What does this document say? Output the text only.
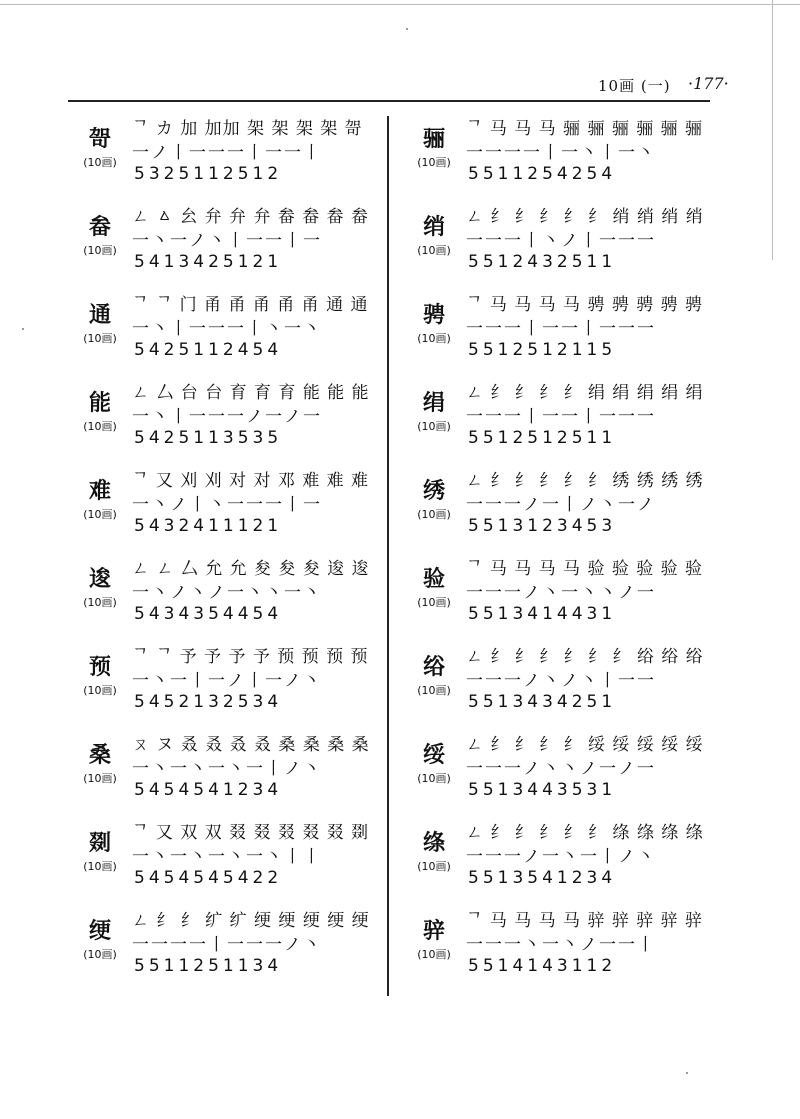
10画 (一) ·177·
哿
(10画)
ᄀ カ 加 加加 架 架 架 架 哿
一ノ丨一一一丨一一丨
5325112512
畚
(10画)
ㄥ ㅿ 㕕 弁 弁 弁 畚 畚 畚 畚
一丶一ノ丶丨一一丨一
5413425121
通
(10画)
ᄀ ᄀ 门 甬 甬 甬 甬 甬 通 通
一丶丨一一一丨丶一丶
5425112454
能
(10画)
ㄥ 厶 台 台 育 育 育 能 能 能
一丶丨一一一ノ一ノ一
5425113535
难
(10画)
ᄀ 又 刈 刈 对 对 邓 难 难 难
一丶ノ丨丶一一一丨一
5432411121
逡
(10画)
ㄥ ㄥ 厶 允 允 夋 夋 夋 逡 逡
一丶ノ丶ノ一丶丶一丶
5434354454
预
(10画)
ᄀ ᄀ 予 予 予 予 预 预 预 预
一丶一丨一ノ丨一ノ丶
5452132534
桑
(10画)
ㄡ ヌ 叒 叒 叒 叒 桑 桑 桑 桑
一丶一丶一丶一丨ノ丶
5454541234
剟
(10画)
ᄀ 又 双 双 叕 叕 叕 叕 叕 剟
一丶一丶一丶一丶丨丨
5454545422
绠
(10画)
ㄥ 纟 纟 纩 纩 绠 绠 绠 绠 绠
一一一一丨一一一ノ丶
5511251134
骊
(10画)
ᄀ 马 马 马 骊 骊 骊 骊 骊 骊
一一一一丨一丶丨一丶
5511254254
绡
(10画)
ㄥ 纟 纟 纟 纟 纟 绡 绡 绡 绡
一一一丨丶ノ丨一一一
5512432511
骋
(10画)
ᄀ 马 马 马 马 骋 骋 骋 骋 骋
一一一丨一一丨一一一
5512512115
绢
(10画)
ㄥ 纟 纟 纟 纟 绢 绢 绢 绢 绢
一一一丨一一丨一一一
5512512511
绣
(10画)
ㄥ 纟 纟 纟 纟 纟 绣 绣 绣 绣
一一一ノ一丨ノ丶一ノ
5513123453
验
(10画)
ᄀ 马 马 马 马 验 验 验 验 验
一一一ノ丶一丶丶ノ一
5513414431
绤
(10画)
ㄥ 纟 纟 纟 纟 纟 纟 绤 绤 绤
一一一ノ丶ノ丶丨一一
5513434251
绥
(10画)
ㄥ 纟 纟 纟 纟 绥 绥 绥 绥 绥
一一一ノ丶丶ノ一ノ一
5513443531
绦
(10画)
ㄥ 纟 纟 纟 纟 纟 绦 绦 绦 绦
一一一ノ一丶一丨ノ丶
5513541234
骍
(10画)
ᄀ 马 马 马 马 骍 骍 骍 骍 骍
一一一丶一丶ノ一一丨
5514143112
